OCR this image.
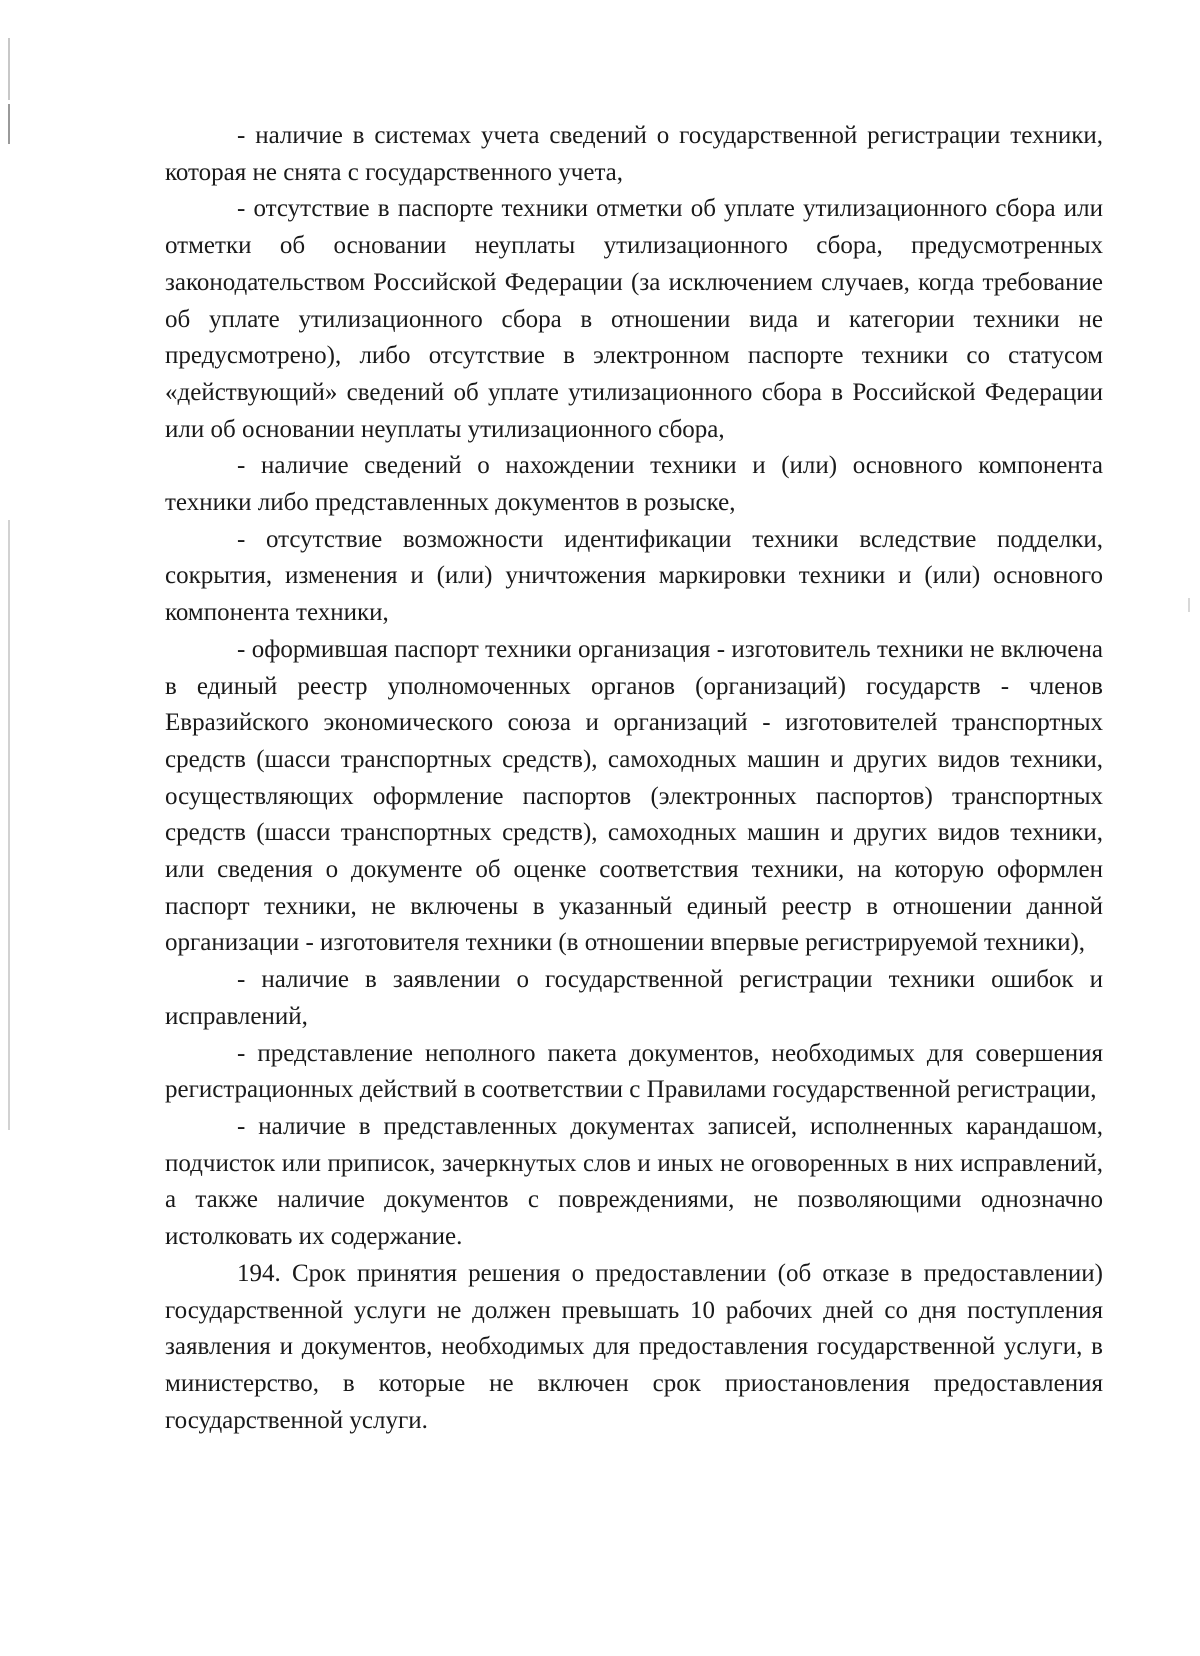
- наличие в системах учета сведений о государственной регистрации техники, которая не снята с государственного учета,

- отсутствие в паспорте техники отметки об уплате утилизационного сбора или отметки об основании неуплаты утилизационного сбора, предусмотренных законодательством Российской Федерации (за исключением случаев, когда требование об уплате утилизационного сбора в отношении вида и категории техники не предусмотрено), либо отсутствие в электронном паспорте техники со статусом «действующий» сведений об уплате утилизационного сбора в Российской Федерации или об основании неуплаты утилизационного сбора,

- наличие сведений о нахождении техники и (или) основного компонента техники либо представленных документов в розыске,

- отсутствие возможности идентификации техники вследствие подделки, сокрытия, изменения и (или) уничтожения маркировки техники и (или) основного компонента техники,

- оформившая паспорт техники организация - изготовитель техники не включена в единый реестр уполномоченных органов (организаций) государств - членов Евразийского экономического союза и организаций - изготовителей транспортных средств (шасси транспортных средств), самоходных машин и других видов техники, осуществляющих оформление паспортов (электронных паспортов) транспортных средств (шасси транспортных средств), самоходных машин и других видов техники, или сведения о документе об оценке соответствия техники, на которую оформлен паспорт техники, не включены в указанный единый реестр в отношении данной организации - изготовителя техники (в отношении впервые регистрируемой техники),

- наличие в заявлении о государственной регистрации техники ошибок и исправлений,

- представление неполного пакета документов, необходимых для совершения регистрационных действий в соответствии с Правилами государственной регистрации,

- наличие в представленных документах записей, исполненных карандашом, подчисток или приписок, зачеркнутых слов и иных не оговоренных в них исправлений, а также наличие документов с повреждениями, не позволяющими однозначно истолковать их содержание.

194. Срок принятия решения о предоставлении (об отказе в предоставлении) государственной услуги не должен превышать 10 рабочих дней со дня поступления заявления и документов, необходимых для предоставления государственной услуги, в министерство, в которые не включен срок приостановления предоставления государственной услуги.
